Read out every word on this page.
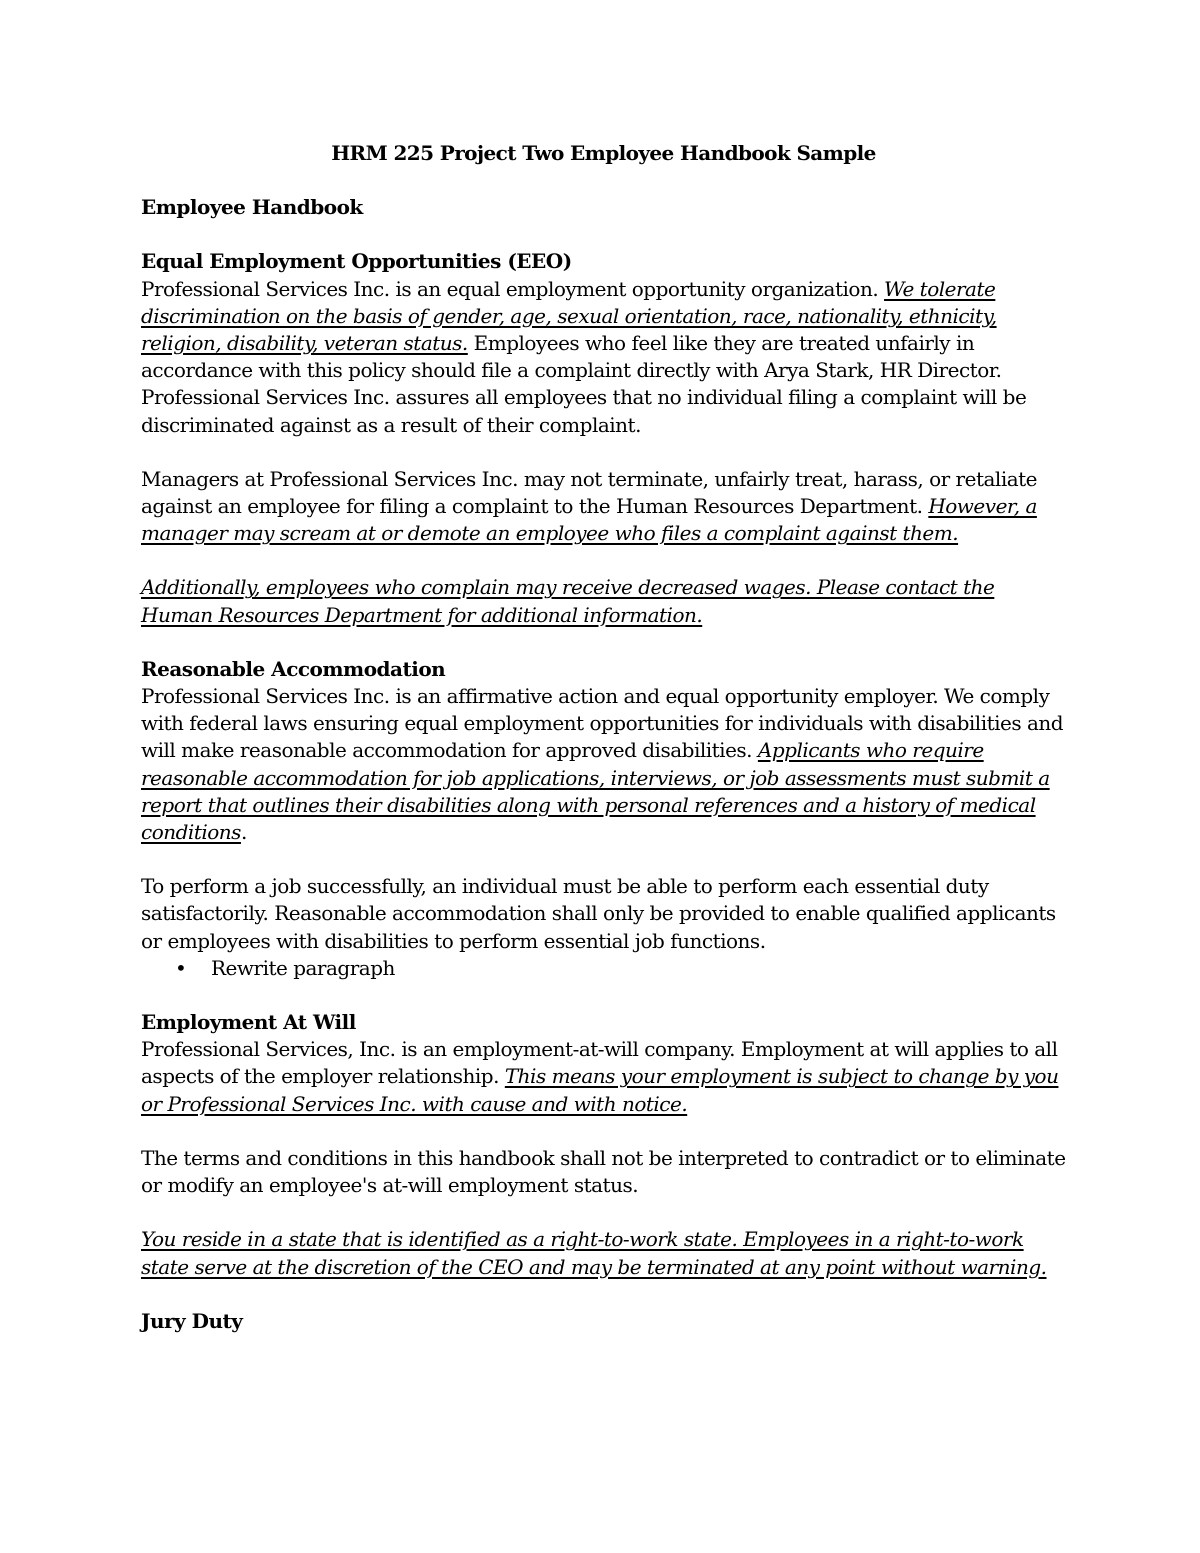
HRM 225 Project Two Employee Handbook Sample
Employee Handbook
Equal Employment Opportunities (EEO)

Professional Services Inc. is an equal employment opportunity organization. We tolerate discrimination on the basis of gender, age, sexual orientation, race, nationality, ethnicity, religion, disability, veteran status. Employees who feel like they are treated unfairly in accordance with this policy should file a complaint directly with Arya Stark, HR Director. Professional Services Inc. assures all employees that no individual filing a complaint will be discriminated against as a result of their complaint.

Managers at Professional Services Inc. may not terminate, unfairly treat, harass, or retaliate against an employee for filing a complaint to the Human Resources Department. However, a manager may scream at or demote an employee who files a complaint against them.

Additionally, employees who complain may receive decreased wages. Please contact the Human Resources Department for additional information.

Reasonable Accommodation

Professional Services Inc. is an affirmative action and equal opportunity employer. We comply with federal laws ensuring equal employment opportunities for individuals with disabilities and will make reasonable accommodation for approved disabilities. Applicants who require reasonable accommodation for job applications, interviews, or job assessments must submit a report that outlines their disabilities along with personal references and a history of medical conditions.

To perform a job successfully, an individual must be able to perform each essential duty satisfactorily. Reasonable accommodation shall only be provided to enable qualified applicants or employees with disabilities to perform essential job functions.

• Rewrite paragraph
Employment At Will

Professional Services, Inc. is an employment-at-will company. Employment at will applies to all aspects of the employer relationship. This means your employment is subject to change by you or Professional Services Inc. with cause and with notice.

The terms and conditions in this handbook shall not be interpreted to contradict or to eliminate or modify an employee's at-will employment status.

You reside in a state that is identified as a right-to-work state. Employees in a right-to-work state serve at the discretion of the CEO and may be terminated at any point without warning.

Jury Duty
